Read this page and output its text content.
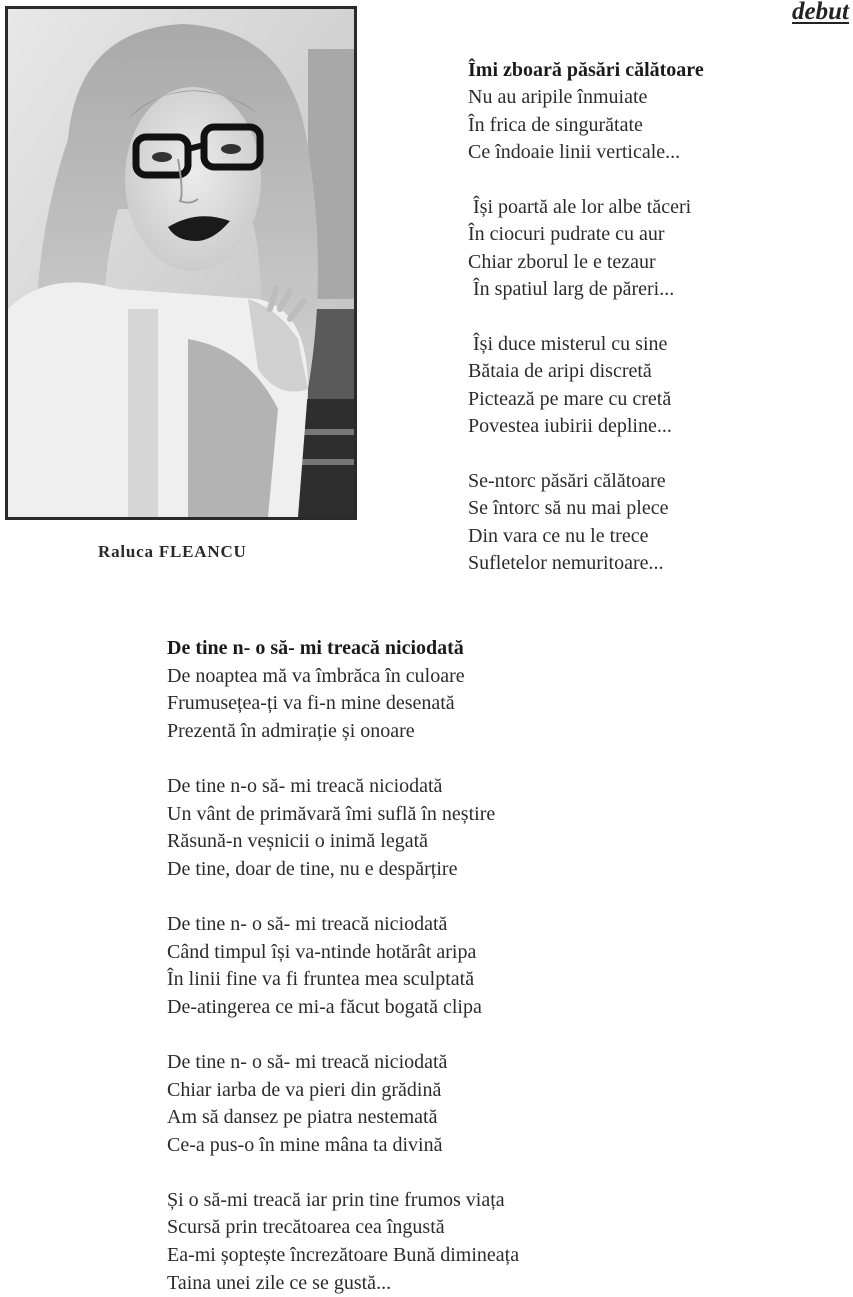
debut
Raluca FLEANCU
Îmi zboară păsări călătoare
Nu au aripile înmuiate
În frica de singurătate
Ce îndoaie linii verticale...
Își poartă ale lor albe tăceri
În ciocuri pudrate cu aur
Chiar zborul le e tezaur
În spatiul larg de păreri...
Își duce misterul cu sine
Bătaia de aripi discretă
Pictează pe mare cu cretă
Povestea iubirii depline...
Se-ntorc păsări călătoare
Se întorc să nu mai plece
Din vara ce nu le trece
Sufletelor nemuritoare...
De tine n- o să- mi treacă niciodată
De noaptea mă va îmbrăca în culoare
Frumusețea-ți va fi-n mine desenată
Prezentă în admirație și onoare
De tine n-o să- mi treacă niciodată
Un vânt de primăvară îmi suflă în neștire
Răsună-n veșnicii o inimă legată
De tine, doar de tine, nu e despărțire
De tine n- o să- mi treacă niciodată
Când timpul își va-ntinde hotărât aripa
În linii fine va fi fruntea mea sculptată
De-atingerea ce mi-a făcut bogată clipa
De tine n- o să- mi treacă niciodată
Chiar iarba de va pieri din grădină
Am să dansez pe piatra nestemată
Ce-a pus-o în mine mâna ta divină
Și o să-mi treacă iar prin tine frumos viața
Scursă prin trecătoarea cea îngustă
Ea-mi șoptește încrezătoare Bună dimineața
Taina unei zile ce se gustă...
